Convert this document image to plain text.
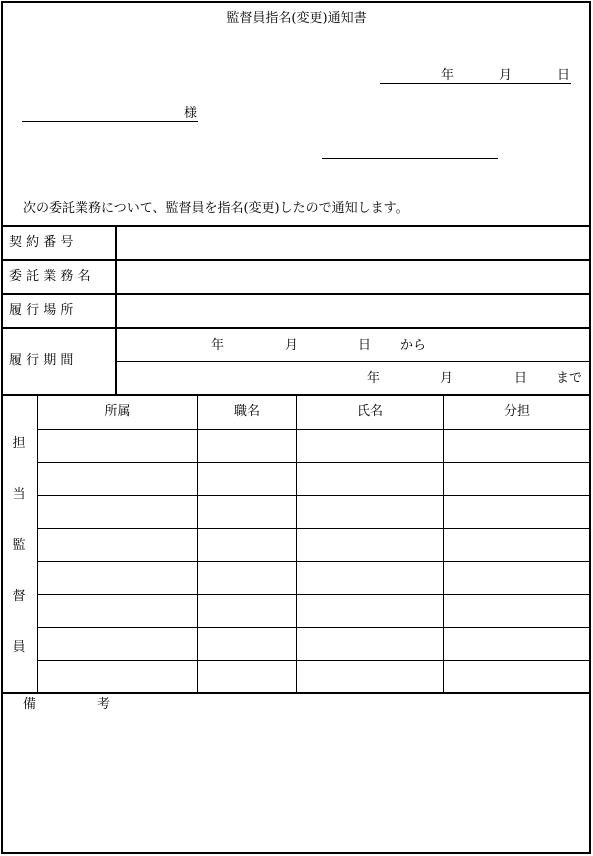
監督員指名(変更)通知書
年	月	日
様
次の委託業務について、監督員を指名(変更)したので通知します。
契 約 番 号
委 託 業 務 名
履 行 場 所
履 行 期 間
年	月	日 から
年	月	日 まで
所属	職名	氏名	分担
担
当
監
督
員
備	考
